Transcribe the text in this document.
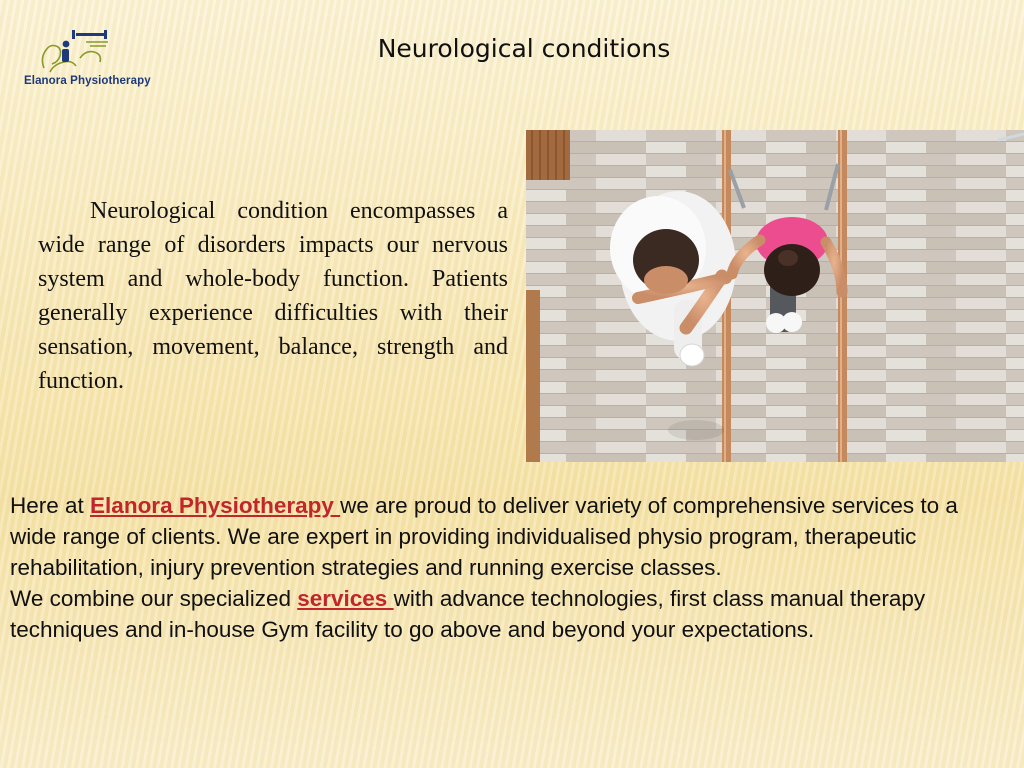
Elanora Physiotherapy
Neurological conditions
Neurological condition encompasses a wide range of disorders impacts our nervous system and whole-body function. Patients generally experience difficulties with their sensation, movement, balance, strength and function.

Here at Elanora Physiotherapy we are proud to deliver variety of comprehensive services to a wide range of clients. We are expert in providing individualised physio program, therapeutic rehabilitation, injury prevention strategies and running exercise classes.

We combine our specialized services with advance technologies, first class manual therapy techniques and in-house Gym facility to go above and beyond your expectations.
